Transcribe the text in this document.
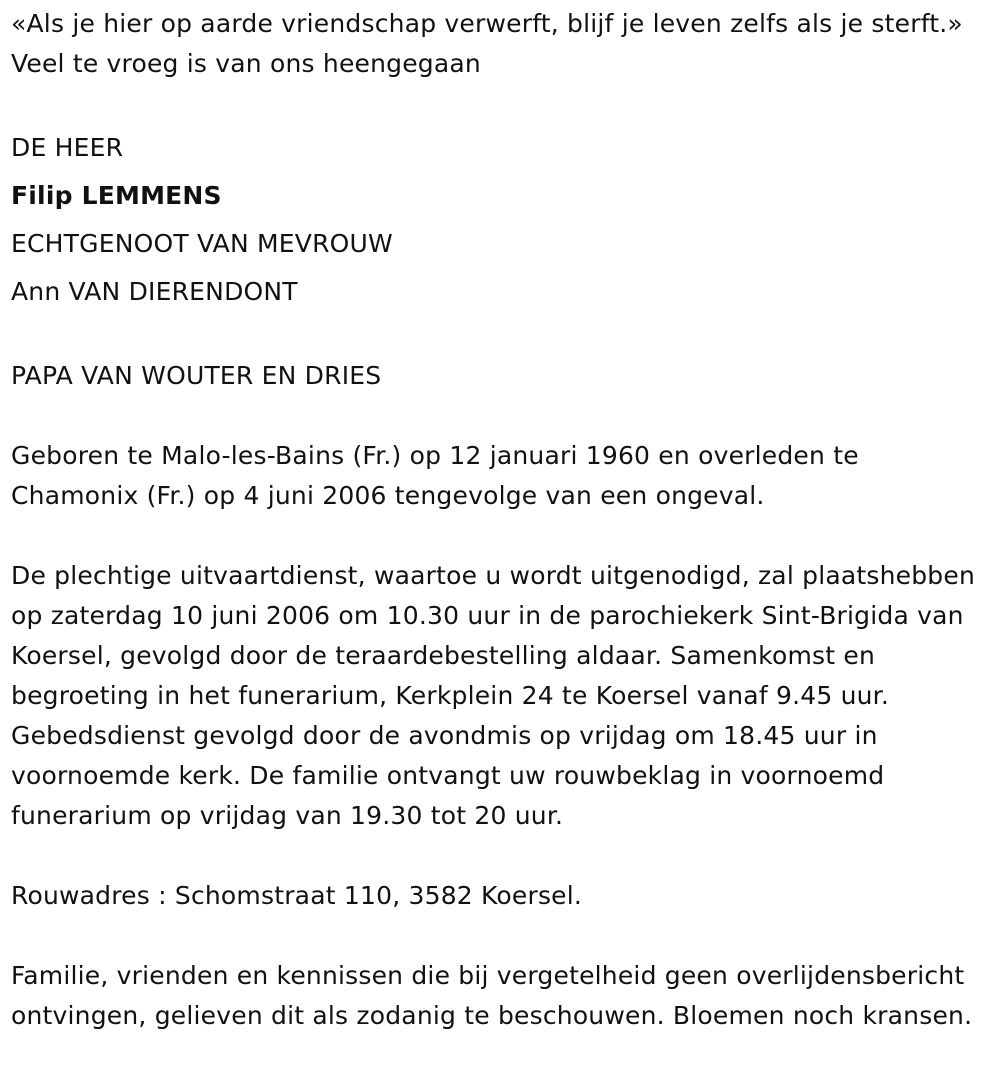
«Als je hier op aarde vriendschap verwerft, blijf je leven zelfs als je sterft.» Veel te vroeg is van ons heengegaan

DE HEER

Filip LEMMENS

ECHTGENOOT VAN MEVROUW

Ann VAN DIERENDONT

PAPA VAN WOUTER EN DRIES

Geboren te Malo-les-Bains (Fr.) op 12 januari 1960 en overleden te Chamonix (Fr.) op 4 juni 2006 tengevolge van een ongeval.

De plechtige uitvaartdienst, waartoe u wordt uitgenodigd, zal plaatshebben op zaterdag 10 juni 2006 om 10.30 uur in de parochiekerk Sint-Brigida van Koersel, gevolgd door de teraardebestelling aldaar. Samenkomst en begroeting in het funerarium, Kerkplein 24 te Koersel vanaf 9.45 uur. Gebedsdienst gevolgd door de avondmis op vrijdag om 18.45 uur in voornoemde kerk. De familie ontvangt uw rouwbeklag in voornoemd funerarium op vrijdag van 19.30 tot 20 uur.

Rouwadres : Schomstraat 110, 3582 Koersel.

Familie, vrienden en kennissen die bij vergetelheid geen overlijdensbericht ontvingen, gelieven dit als zodanig te beschouwen. Bloemen noch kransen.
